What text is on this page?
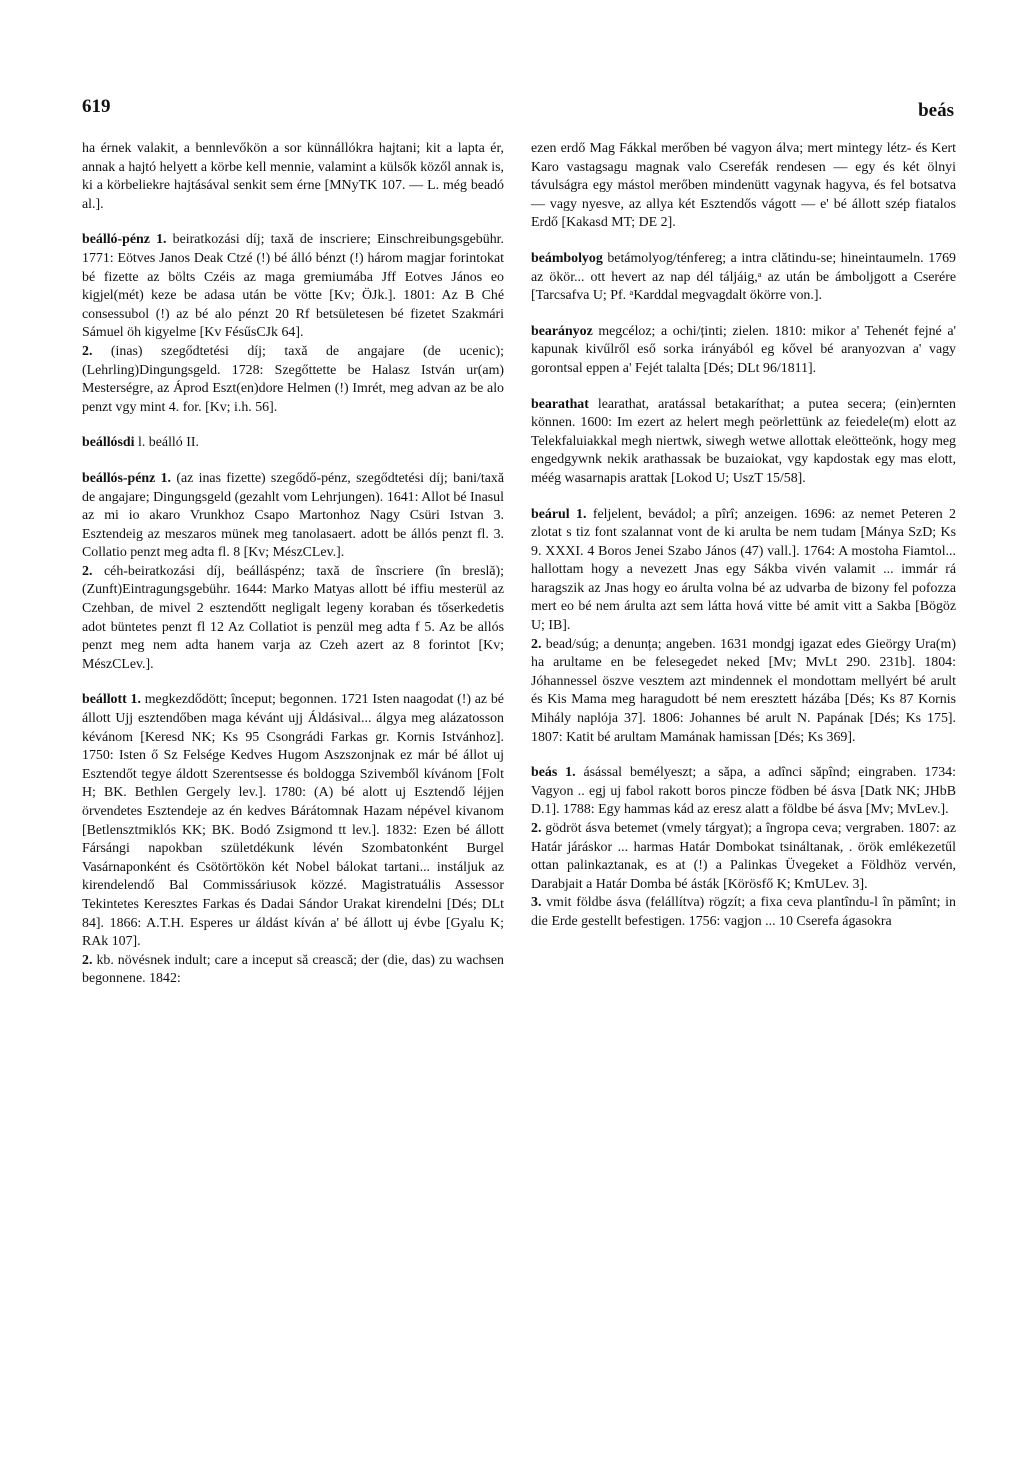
619	beás

ha érnek valakit, a bennlevőkön a sor künnállókra hajtani; kit a lapta ér, annak a hajtó helyett a körbe kell mennie, valamint a külsők közől annak is, ki a körbeliekre hajtásával senkit sem érne [MNyTK 107. — L. még beadó al.].

beálló-pénz 1. beiratkozási díj; taxă de inscriere; Einschreibungsgebühr. 1771: Eötves Janos Deak Ctzé (!) bé álló bénzt (!) három magjar forintokat bé fizette az bölts Czéis az maga gremiumába Jff Eotves János eo kigjel(mét) keze be adasa után be vötte [Kv; ÖJk.]. 1801: Az B Ché consessubol (!) az bé alo pénzt 20 Rf betsületesen bé fizetet Szakmári Sámuel öh kigyelme [Kv FésűsCJk 64].

2. (inas) szegődtetési díj; taxă de angajare (de ucenic); (Lehrling)Dingungsgeld. 1728: Szegőttette be Halasz István ur(am) Mesterségre, az Áprod Eszt(en)dore Helmen (!) Imrét, meg advan az be alo penzt vgy mint 4. for. [Kv; i.h. 56].

beállósdi l. beálló II.

beállós-pénz 1. (az inas fizette) szegődő-pénz, szegődtetési díj; bani/taxă de angajare; Dingungsgeld (gezahlt vom Lehrjungen). 1641: Allot bé Inasul az mi io akaro Vrunkhoz Csapo Martonhoz Nagy Csüri Istvan 3. Esztendeig az meszaros münek meg tanolasaert. adott be állós penzt fl. 3. Collatio penzt meg adta fl. 8 [Kv; MészCLev.].

2. céh-beiratkozási díj, beálláspénz; taxă de înscriere (în breslă); (Zunft)Eintragungsgebühr. 1644: Marko Matyas allott bé iffiu mesterül az Czehban, de mivel 2 esztendőtt negligalt legeny koraban és tőserkedetis adot büntetes penzt fl 12 Az Collatiot is penzül meg adta f 5. Az be allós penzt meg nem adta hanem varja az Czeh azert az 8 forintot [Kv; MészCLev.].

beállott 1. megkezdődött; început; begonnen. 1721 Isten naagodat (!) az bé állott Ujj esztendőben maga kévánt ujj Áldásival... álgya meg alázatosson kévánom [Keresd NK; Ks 95 Csongrádi Farkas gr. Kornis Istvánhoz]. 1750: Isten ő Sz Felsége Kedves Hugom Aszszonjnak ez már bé állot uj Esztendőt tegye áldott Szerentsesse és boldogga Szivemből kívánom [Folt H; BK. Bethlen Gergely lev.]. 1780: (A) bé alott uj Esztendő léjjen örvendetes Esztendeje az én kedves Bárátomnak Hazam népével kivanom [Betlensztmiklós KK; BK. Bodó Zsigmond tt lev.]. 1832: Ezen bé állott Fársángi napokban születdékunk lévén Szombatonként Burgel Vasárnaponként és Csötörtökön két Nobel bálokat tartani... instáljuk az kirendelendő Bal Commissáriusok közzé. Magistratuális Assessor Tekintetes Keresztes Farkas és Dadai Sándor Urakat kirendelni [Dés; DLt 84]. 1866: A.T.H. Esperes ur áldást kíván a' bé állott uj évbe [Gyalu K; RAk 107].

2. kb. növésnek indult; care a inceput să crească; der (die, das) zu wachsen begonnene. 1842:

ezen erdő Mag Fákkal merőben bé vagyon álva; mert mintegy létz- és Kert Karo vastagsagu magnak valo Cserefák rendesen — egy és két ölnyi távulságra egy mástol merőben mindenütt vagynak hagyva, és fel botsatva — vagy nyesve, az allya két Esztendős vágott — e' bé állott szép fiatalos Erdő [Kakasd MT; DE 2].

beámbolyog betámolyog/ténfereg; a intra clătindu-se; hineintaumeln. 1769 az ökör... ott hevert az nap dél táljáig,ᵃ az után be ámboljgott a Cserére [Tarcsafva U; Pf. ᵃKarddal megvagdalt ökörre von.].

bearányoz megcéloz; a ochi/ținti; zielen. 1810: mikor a' Tehenét fejné a' kapunak kivűlről eső sorka irányából eg kővel bé aranyozvan a' vagy gorontsal eppen a' Fejét talalta [Dés; DLt 96/1811].

bearathat learathat, aratással betakaríthat; a putea secera; (ein)ernten können. 1600: Im ezert az helert megh peörlettünk az feiedele(m) elott az Telekfaluiakkal megh niertwk, siwegh wetwe allottak eleötteönk, hogy meg engedgywnk nekik arathassak be buzaiokat, vgy kapdostak egy mas elott, méég wasarnapis arattak [Lokod U; UszT 15/58].

beárul 1. feljelent, bevádol; a pîrî; anzeigen. 1696: az nemet Peteren 2 zlotat s tiz font szalannat vont de ki arulta be nem tudam [Mánya SzD; Ks 9. XXXI. 4 Boros Jenei Szabo János (47) vall.]. 1764: A mostoha Fiamtol... hallottam hogy a nevezett Jnas egy Sákba vivén valamit ... immár rá haragszik az Jnas hogy eo árulta volna bé az udvarba de bizony fel pofozza mert eo bé nem árulta azt sem látta hová vitte bé amit vitt a Sakba [Bögöz U; IB].

2. bead/súg; a denunța; angeben. 1631 mondgj igazat edes Gieörgy Ura(m) ha arultame en be felesegedet neked [Mv; MvLt 290. 231b]. 1804: Jóhannessel öszve vesztem azt mindennek el mondottam mellyért bé arult és Kis Mama meg haragudott bé nem eresztett házába [Dés; Ks 87 Kornis Mihály naplója 37]. 1806: Johannes bé arult N. Papának [Dés; Ks 175]. 1807: Katit bé arultam Mamának hamissan [Dés; Ks 369].

beás 1. ásással bemélyeszt; a săpa, a adînci săpînd; eingraben. 1734: Vagyon .. egj uj fabol rakott boros pincze födben bé ásva [Datk NK; JHbB D.1]. 1788: Egy hammas kád az eresz alatt a földbe bé ásva [Mv; MvLev.].

2. gödröt ásva betemet (vmely tárgyat); a îngropa ceva; vergraben. 1807: az Határ járáskor ... harmas Határ Dombokat tsináltanak, . örök emlékezetűl ottan palinkaztanak, es at (!) a Palinkas Üvegeket a Földhöz vervén, Darabjait a Határ Domba bé ásták [Körösfő K; KmULev. 3].

3. vmit földbe ásva (felállítva) rögzít; a fixa ceva plantîndu-l în pămînt; in die Erde gestellt befestigen. 1756: vagjon ... 10 Cserefa ágasokra
